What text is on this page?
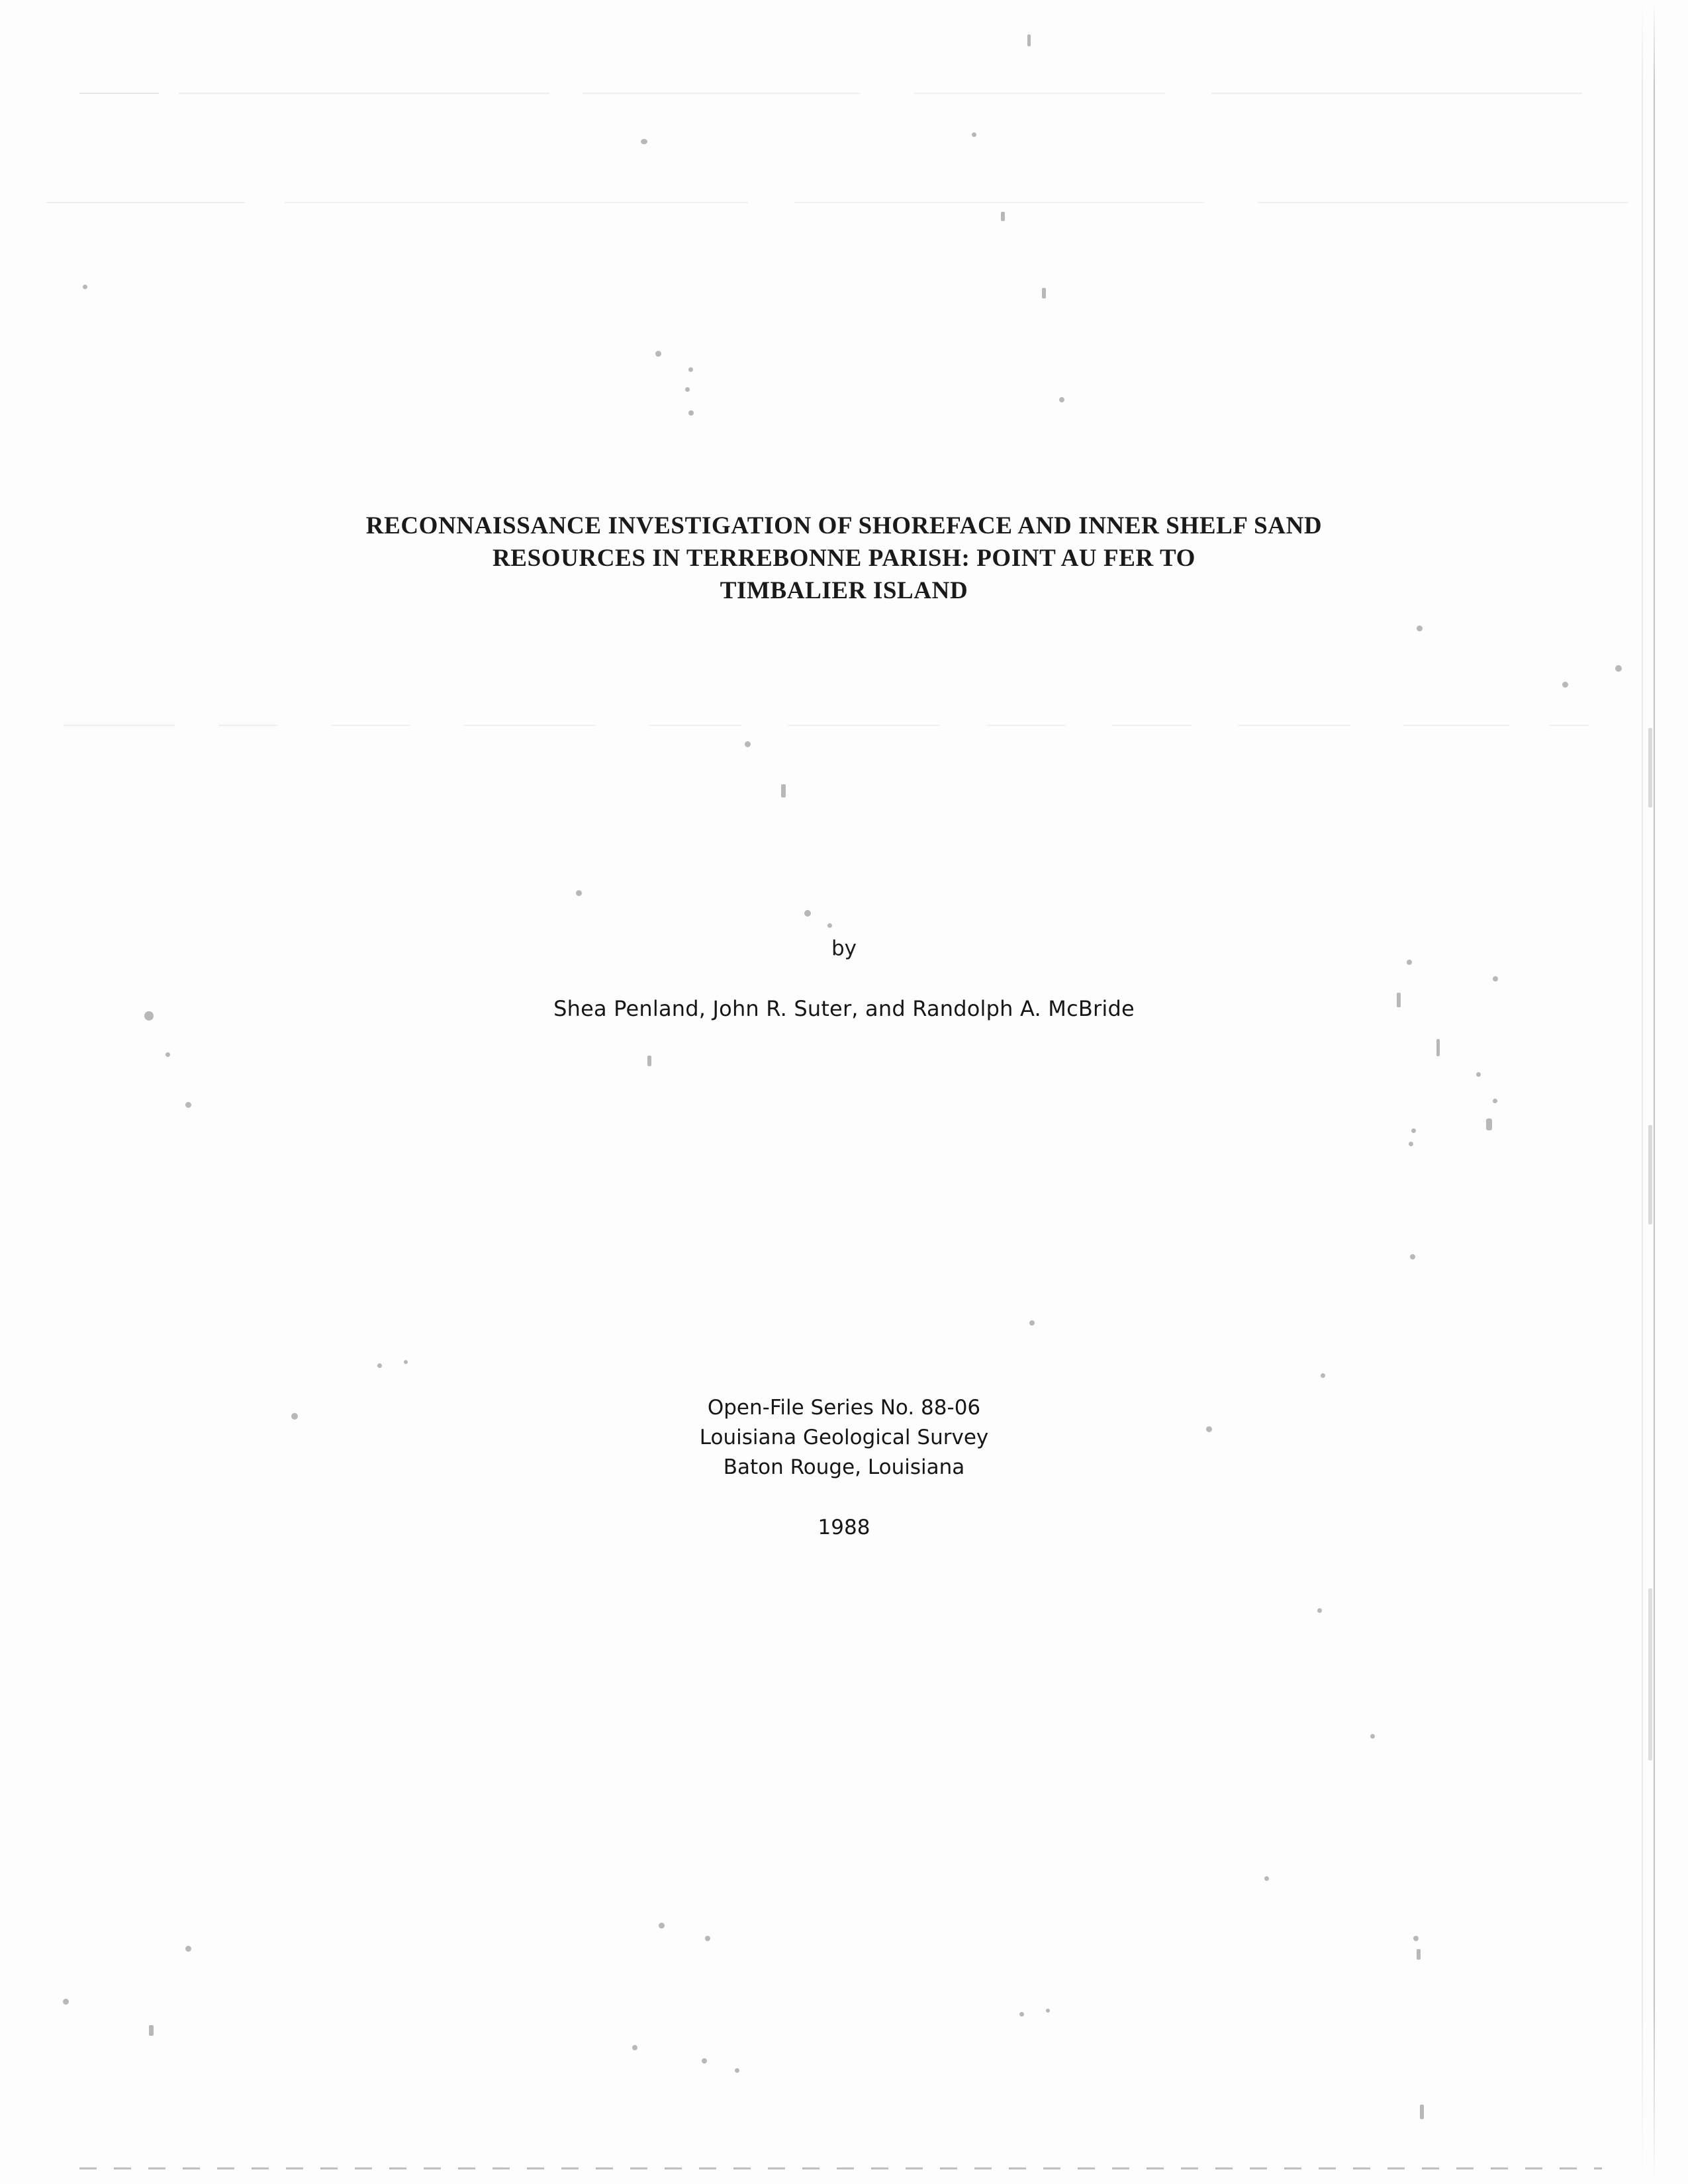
RECONNAISSANCE INVESTIGATION OF SHOREFACE AND INNER SHELF SAND
RESOURCES IN TERREBONNE PARISH: POINT AU FER TO
TIMBALIER ISLAND
by
Shea Penland, John R. Suter, and Randolph A. McBride
Open-File Series No. 88-06
Louisiana Geological Survey
Baton Rouge, Louisiana
1988
